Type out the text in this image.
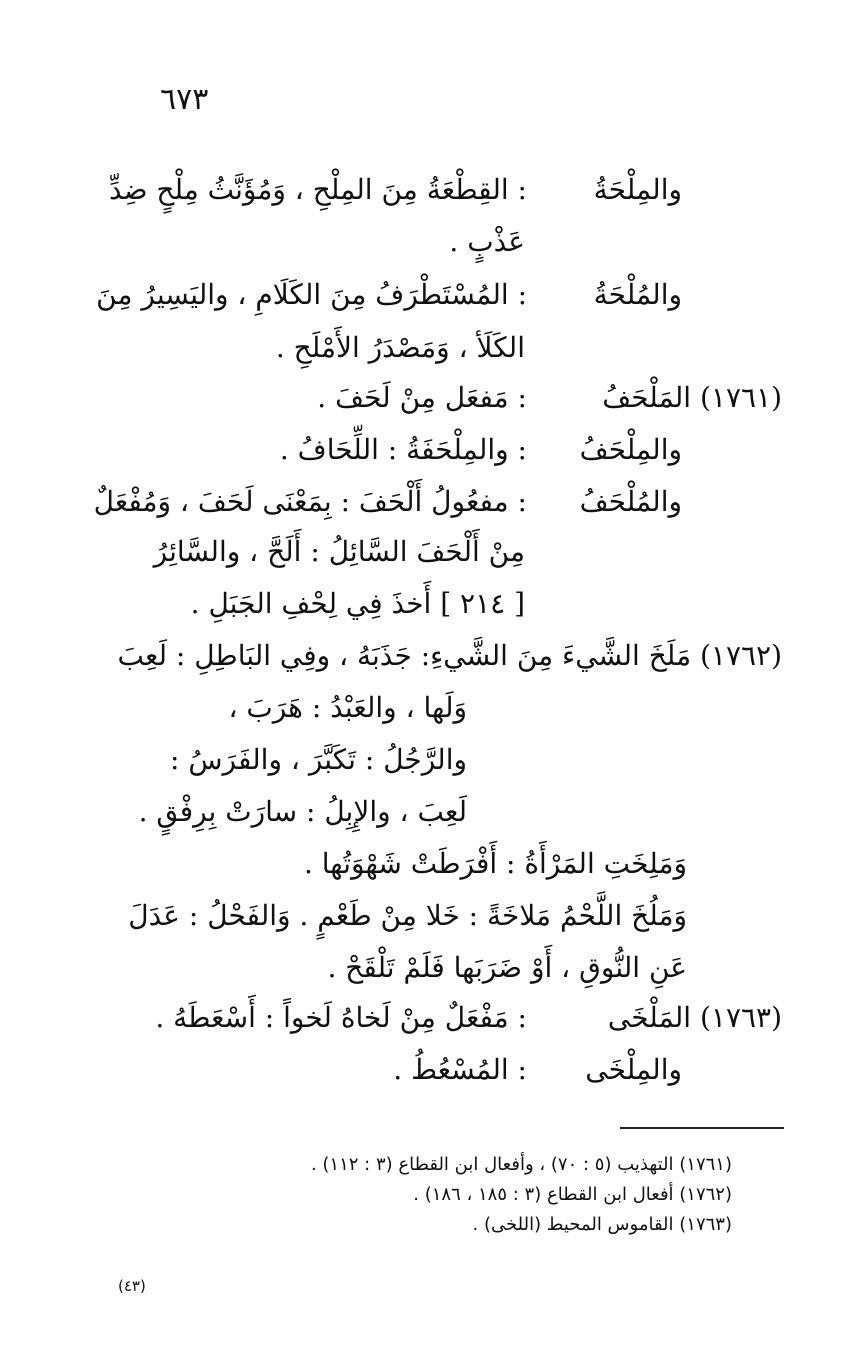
٦٧٣
والمِلْحَةُ
: القِطْعَةُ مِنَ المِلْحِ ، وَمُؤَنَّثُ مِلْحٍ ضِدِّ
عَذْبٍ .
والمُلْحَةُ
: المُسْتَطْرَفُ مِنَ الكَلَامِ ، واليَسِيرُ مِنَ
الكَلَأ ، وَمَصْدَرُ الأَمْلَحِ .
(١٧٦١) المَلْحَفُ
: مَفعَل مِنْ لَحَفَ .
والمِلْحَفُ
: والمِلْحَفَةُ : اللِّحَافُ .
والمُلْحَفُ
: مفعُولُ أَلْحَفَ : بِمَعْنَى لَحَفَ ، وَمُفْعَلٌ
مِنْ أَلْحَفَ السَّائِلُ : أَلَحَّ ، والسَّائِرُ
[ ٢١٤ ] أَخذَ فِي لِحْفِ الجَبَلِ .
(١٧٦٢) مَلَخَ الشَّيءَ مِنَ الشَّيءِ: جَذَبَهُ ، وفِي البَاطِلِ : لَعِبَ
وَلَها ، والعَبْدُ : هَرَبَ ،
والرَّجُلُ : تَكَبَّرَ ، والفَرَسُ :
لَعِبَ ، والإِبِلُ : سارَتْ بِرِفْقٍ .
وَمَلِخَتِ المَرْأَةُ : أَفْرَطَتْ شَهْوَتُها .
وَمَلُخَ اللَّحْمُ مَلاخَةً : خَلا مِنْ طَعْمٍ . وَالفَحْلُ : عَدَلَ
عَنِ النُّوقِ ، أَوْ ضَرَبَها فَلَمْ تَلْقَحْ .
(١٧٦٣) المَلْخَى
: مَفْعَلٌ مِنْ لَخاهُ لَخواً : أَسْعَطَهُ .
والمِلْخَى
: المُسْعُطُ .
(١٧٦١) التهذيب (٥ : ٧٠) ، وأفعال ابن القطاع (٣ : ١١٢) .
(١٧٦٢) أفعال ابن القطاع (٣ : ١٨٥ ، ١٨٦) .
(١٧٦٣) القاموس المحيط (اللخى) .
(٤٣)
